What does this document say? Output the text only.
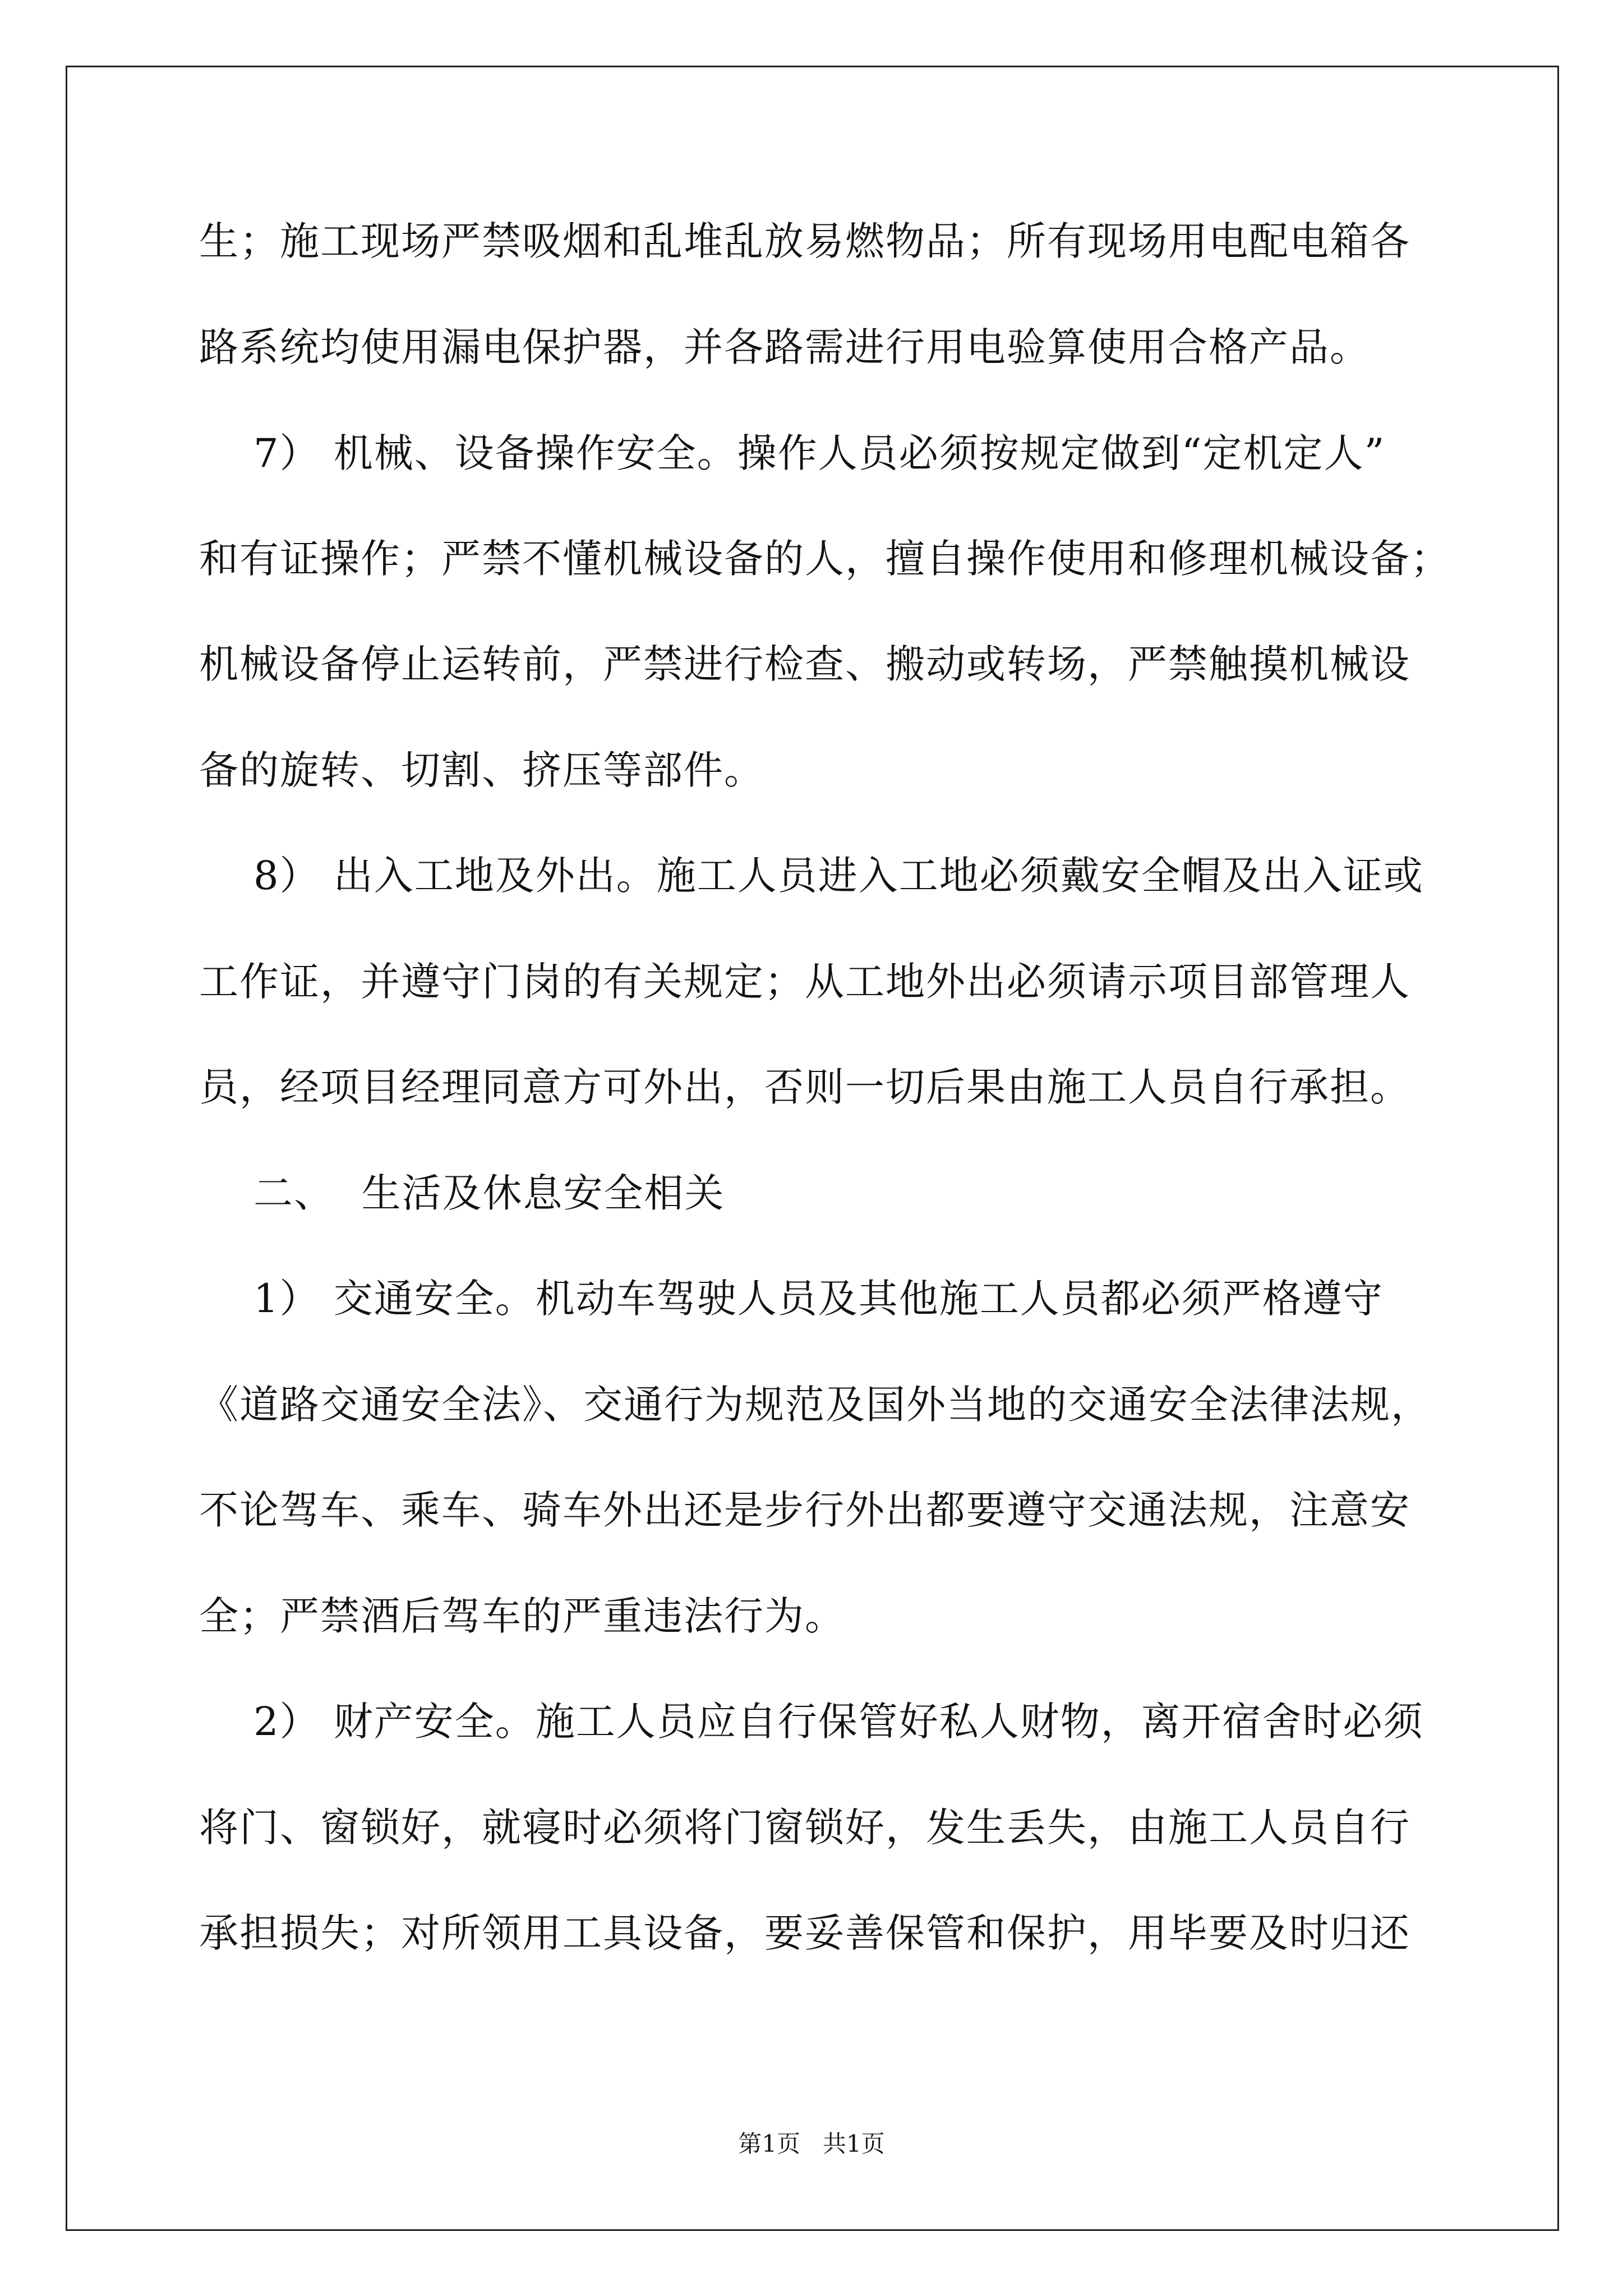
生；施工现场严禁吸烟和乱堆乱放易燃物品；所有现场用电配电箱各
路系统均使用漏电保护器，并各路需进行用电验算使用合格产品。
7） 机械、设备操作安全。操作人员必须按规定做到“定机定人”
和有证操作；严禁不懂机械设备的人，擅自操作使用和修理机械设备；
机械设备停止运转前，严禁进行检查、搬动或转场，严禁触摸机械设
备的旋转、切割、挤压等部件。
8） 出入工地及外出。施工人员进入工地必须戴安全帽及出入证或
工作证，并遵守门岗的有关规定；从工地外出必须请示项目部管理人
员，经项目经理同意方可外出，否则一切后果由施工人员自行承担。
二、  生活及休息安全相关
1） 交通安全。机动车驾驶人员及其他施工人员都必须严格遵守
《道路交通安全法》、交通行为规范及国外当地的交通安全法律法规，
不论驾车、乘车、骑车外出还是步行外出都要遵守交通法规，注意安
全；严禁酒后驾车的严重违法行为。
2） 财产安全。施工人员应自行保管好私人财物，离开宿舍时必须
将门、窗锁好，就寝时必须将门窗锁好，发生丢失，由施工人员自行
承担损失；对所领用工具设备，要妥善保管和保护，用毕要及时归还
第1页   共1页
